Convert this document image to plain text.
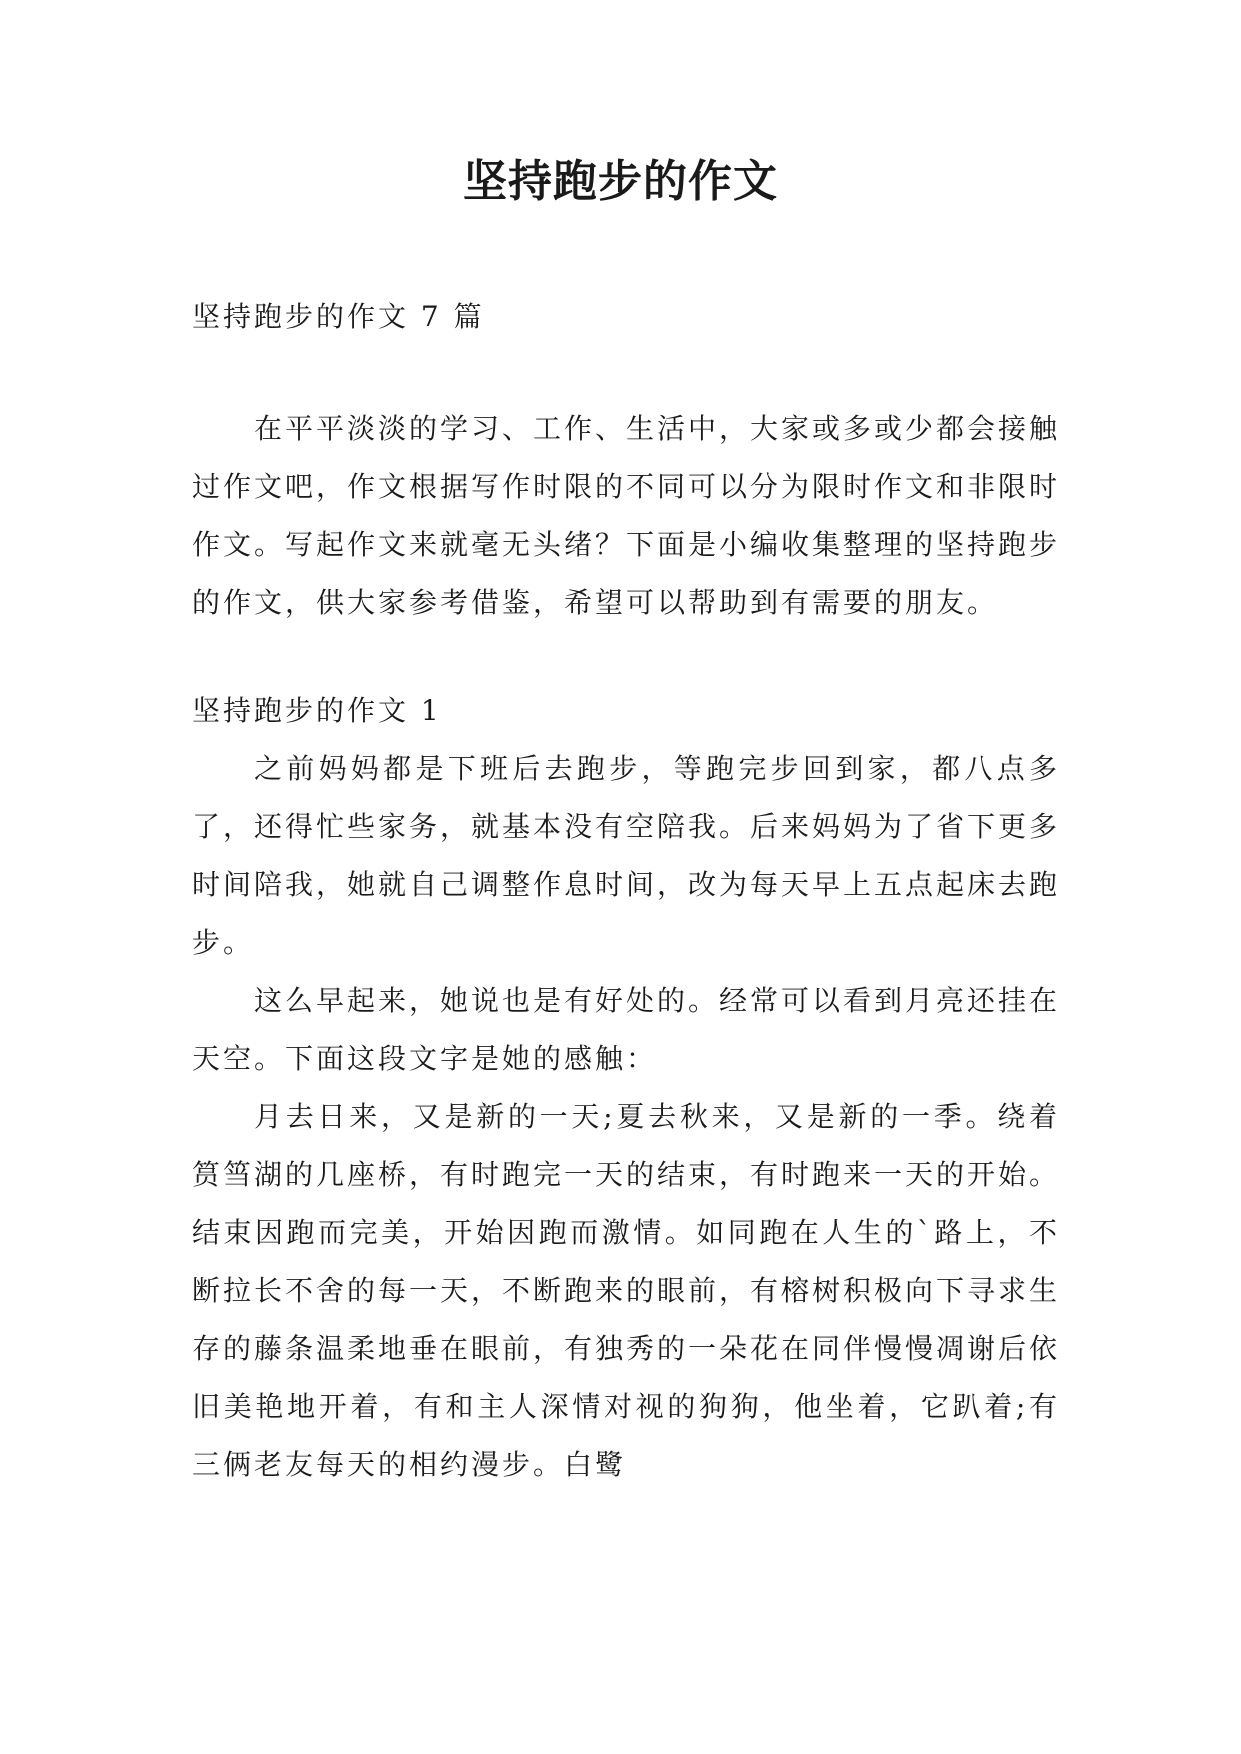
坚持跑步的作文
坚持跑步的作文 7 篇

在平平淡淡的学习、工作、生活中，大家或多或少都会接触过作文吧，作文根据写作时限的不同可以分为限时作文和非限时作文。写起作文来就毫无头绪？下面是小编收集整理的坚持跑步的作文，供大家参考借鉴，希望可以帮助到有需要的朋友。

坚持跑步的作文 1

之前妈妈都是下班后去跑步，等跑完步回到家，都八点多了，还得忙些家务，就基本没有空陪我。后来妈妈为了省下更多时间陪我，她就自己调整作息时间，改为每天早上五点起床去跑步。

这么早起来，她说也是有好处的。经常可以看到月亮还挂在天空。下面这段文字是她的感触：

月去日来，又是新的一天;夏去秋来，又是新的一季。绕着筼筜湖的几座桥，有时跑完一天的结束，有时跑来一天的开始。结束因跑而完美，开始因跑而激情。如同跑在人生的`路上，不断拉长不舍的每一天，不断跑来的眼前，有榕树积极向下寻求生存的藤条温柔地垂在眼前，有独秀的一朵花在同伴慢慢凋谢后依旧美艳地开着，有和主人深情对视的狗狗，他坐着，它趴着;有三俩老友每天的相约漫步。白鹭
